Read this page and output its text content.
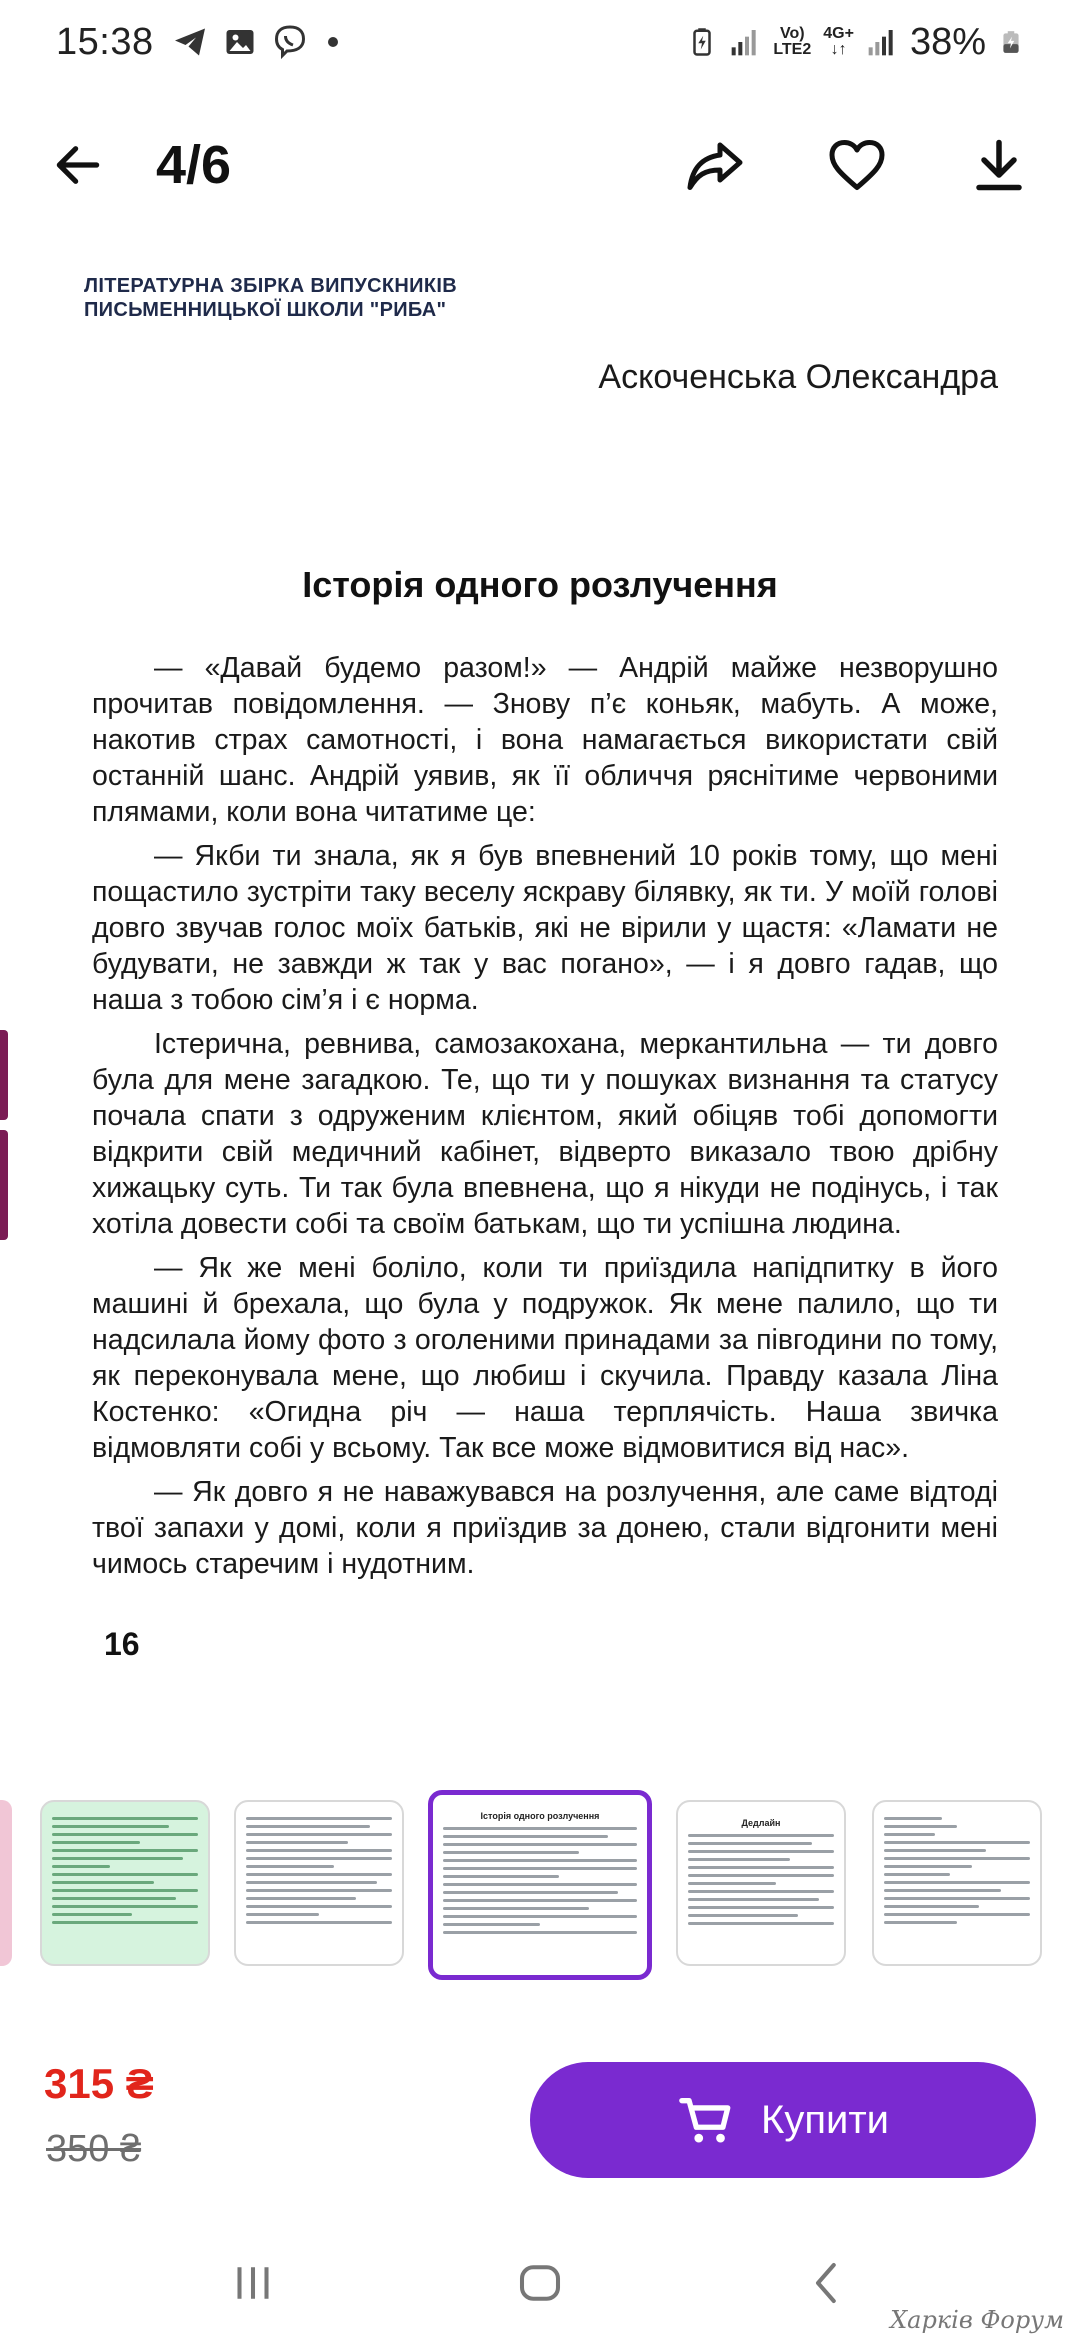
15:38	Vo)
LTE2
4G+
↓↑ 38%
4/6
ЛІТЕРАТУРНА ЗБІРКА ВИПУСКНИКІВ
ПИСЬМЕННИЦЬКОЇ ШКОЛИ "РИБА"
Аскоченська Олександра
Історія одного розлучення

— «Давай будемо разом!» — Андрій майже незворушно прочитав повідомлення. — Знову п’є коньяк, мабуть. А може, накотив страх самотності, і вона намагається використати свій останній шанс. Андрій уявив, як її обличчя ряснітиме червоними плямами, коли вона читатиме це:

— Якби ти знала, як я був впевнений 10 років тому, що мені пощастило зустріти таку веселу яскраву білявку, як ти. У моїй голові довго звучав голос моїх батьків, які не вірили у щастя: «Ламати не будувати, не завжди ж так у вас погано», — і я довго гадав, що наша з тобою сім’я і є норма.

Істерична, ревнива, самозакохана, меркантильна — ти довго була для мене загадкою. Те, що ти у пошуках визнання та статусу почала спати з одруженим клієнтом, який обіцяв тобі допомогти відкрити свій медичний кабінет, відверто виказало твою дрібну хижацьку суть. Ти так була впевнена, що я нікуди не подінусь, і так хотіла довести собі та своїм батькам, що ти успішна людина.

— Як же мені боліло, коли ти приїздила напідпитку в його машині й брехала, що була у подружок. Як мене палило, що ти надсилала йому фото з оголеними принадами за півгодини по тому, як переконувала мене, що любиш і скучила. Правду казала Ліна Костенко: «Огидна річ — наша терплячість. Наша звичка відмовляти собі у всьому. Так все може відмовитися від нас».

— Як довго я не наважувався на розлучення, але саме відтоді твої запахи у домі, коли я приїздив за донею, стали відгонити мені чимось старечим і нудотним.

16
Історія одного розлучення
Дедлайн
315 ₴
350 ₴
Купити
Харків Форум
